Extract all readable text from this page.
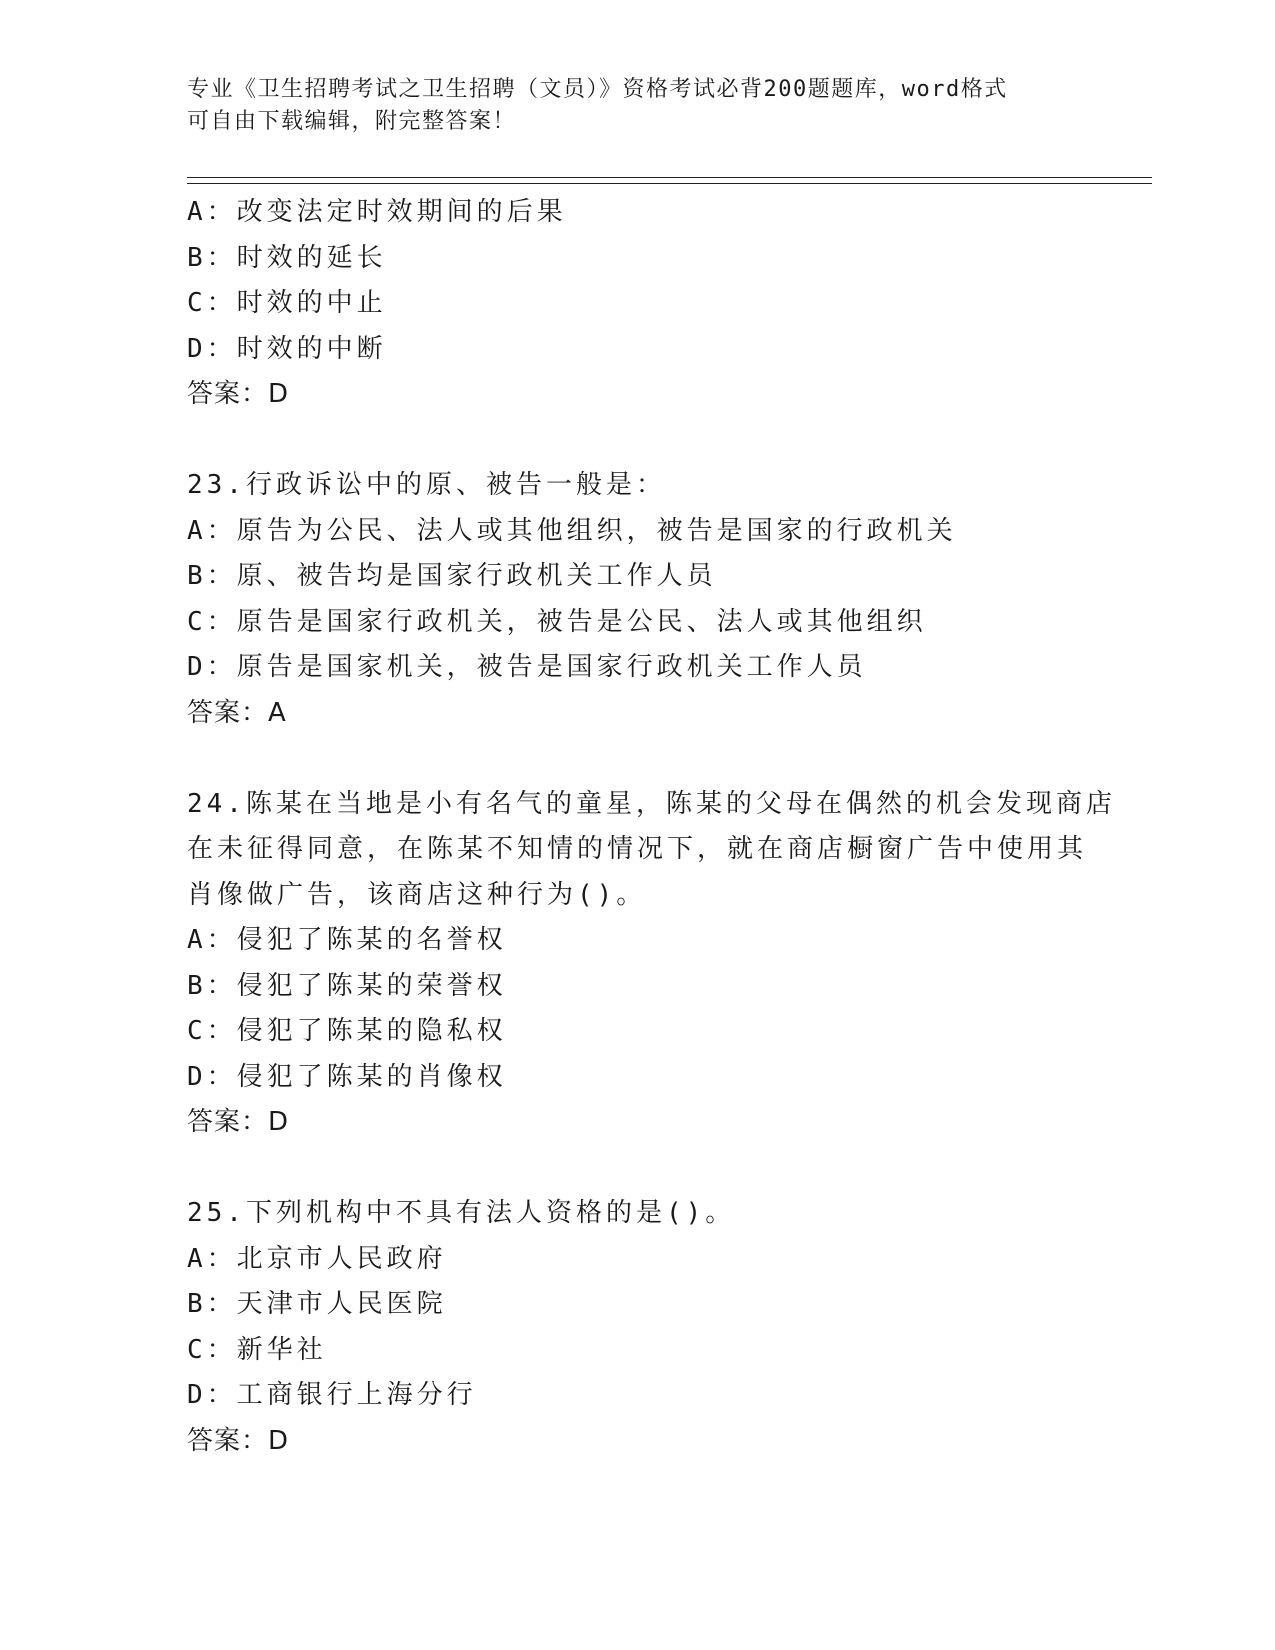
专业《卫生招聘考试之卫生招聘（文员）》资格考试必背200题题库，word格式
可自由下载编辑，附完整答案！
A：改变法定时效期间的后果
B：时效的延长
C：时效的中止
D：时效的中断
答案：D
23.行政诉讼中的原、被告一般是：
A：原告为公民、法人或其他组织，被告是国家的行政机关
B：原、被告均是国家行政机关工作人员
C：原告是国家行政机关，被告是公民、法人或其他组织
D：原告是国家机关，被告是国家行政机关工作人员
答案：A
24.陈某在当地是小有名气的童星，陈某的父母在偶然的机会发现商店
在未征得同意，在陈某不知情的情况下，就在商店橱窗广告中使用其
肖像做广告，该商店这种行为()。
A：侵犯了陈某的名誉权
B：侵犯了陈某的荣誉权
C：侵犯了陈某的隐私权
D：侵犯了陈某的肖像权
答案：D
25.下列机构中不具有法人资格的是()。
A：北京市人民政府
B：天津市人民医院
C：新华社
D：工商银行上海分行
答案：D
